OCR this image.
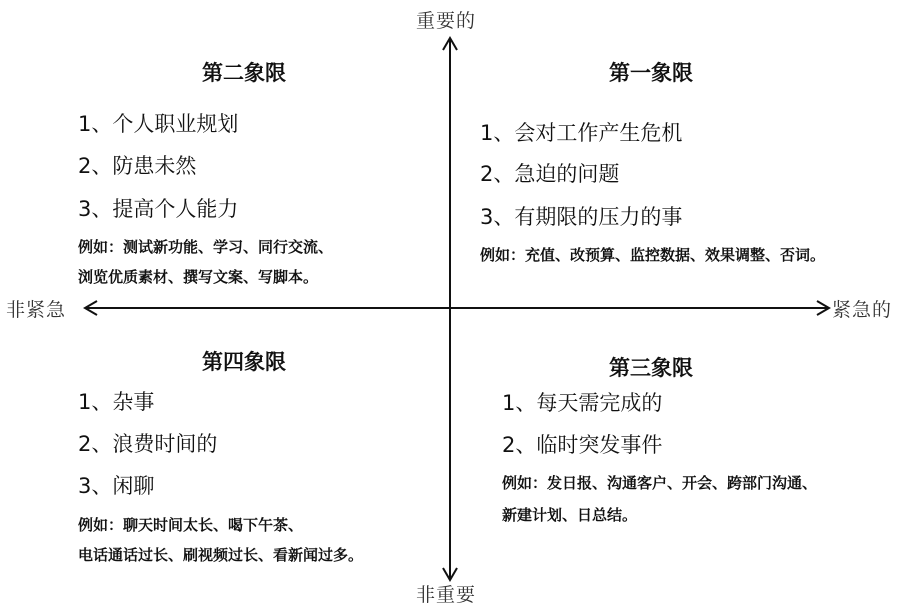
重要的
非重要
非紧急	紧急的
第二象限
1、个人职业规划
2、防患未然
3、提高个人能力
例如：测试新功能、学习、同行交流、
浏览优质素材、撰写文案、写脚本。
第一象限
1、会对工作产生危机
2、急迫的问题
3、有期限的压力的事
例如：充值、改预算、监控数据、效果调整、否词。
第四象限
1、杂事
2、浪费时间的
3、闲聊
例如：聊天时间太长、喝下午茶、
电话通话过长、刷视频过长、看新闻过多。
第三象限
1、每天需完成的
2、临时突发事件
例如：发日报、沟通客户、开会、跨部门沟通、
新建计划、日总结。
